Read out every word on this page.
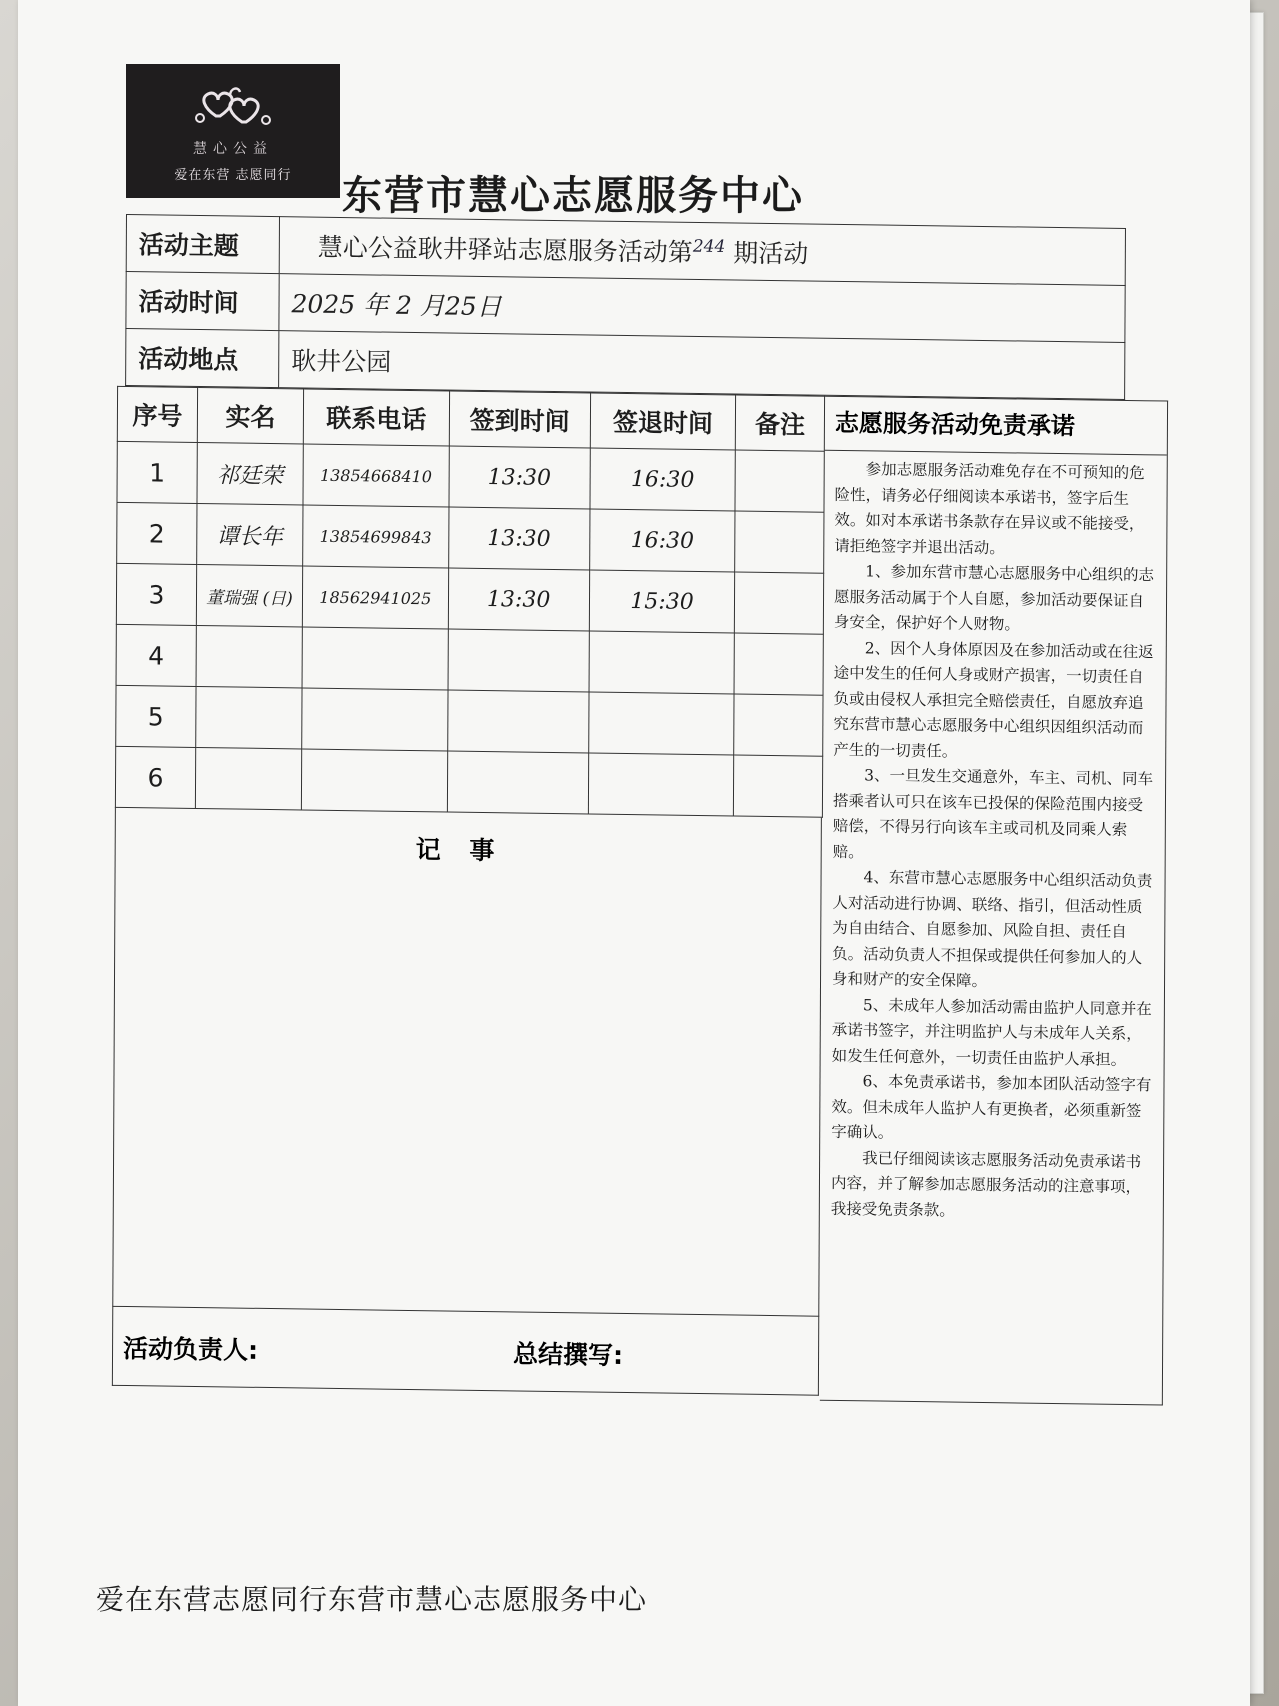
慧心公益
爱在东营 志愿同行	东营市慧心志愿服务中心
活动主题	慧心公益耿井驿站志愿服务活动第$^{244}$ 期活动
活动时间	2025 年 2 月25日
活动地点	耿井公园
序号	实名	联系电话	签到时间	签退时间	备注
1	祁廷荣	13854668410	13:30	16:30	
2	谭长年	13854699843	13:30	16:30	
3	董瑞强 (日)	18562941025	13:30	15:30	
4					
5					
6					
记 事
活动负责人:	总结撰写:
志愿服务活动免责承诺

参加志愿服务活动难免存在不可预知的危险性，请务必仔细阅读本承诺书，签字后生效。如对本承诺书条款存在异议或不能接受，请拒绝签字并退出活动。

1、参加东营市慧心志愿服务中心组织的志愿服务活动属于个人自愿，参加活动要保证自身安全，保护好个人财物。

2、因个人身体原因及在参加活动或在往返途中发生的任何人身或财产损害，一切责任自负或由侵权人承担完全赔偿责任，自愿放弃追究东营市慧心志愿服务中心组织因组织活动而产生的一切责任。

3、一旦发生交通意外，车主、司机、同车搭乘者认可只在该车已投保的保险范围内接受赔偿，不得另行向该车主或司机及同乘人索赔。

4、东营市慧心志愿服务中心组织活动负责人对活动进行协调、联络、指引，但活动性质为自由结合、自愿参加、风险自担、责任自负。活动负责人不担保或提供任何参加人的人身和财产的安全保障。

5、未成年人参加活动需由监护人同意并在承诺书签字，并注明监护人与未成年人关系，如发生任何意外，一切责任由监护人承担。

6、本免责承诺书，参加本团队活动签字有效。但未成年人监护人有更换者，必须重新签字确认。

我已仔细阅读该志愿服务活动免责承诺书内容，并了解参加志愿服务活动的注意事项，我接受免责条款。

爱在东营志愿同行东营市慧心志愿服务中心
